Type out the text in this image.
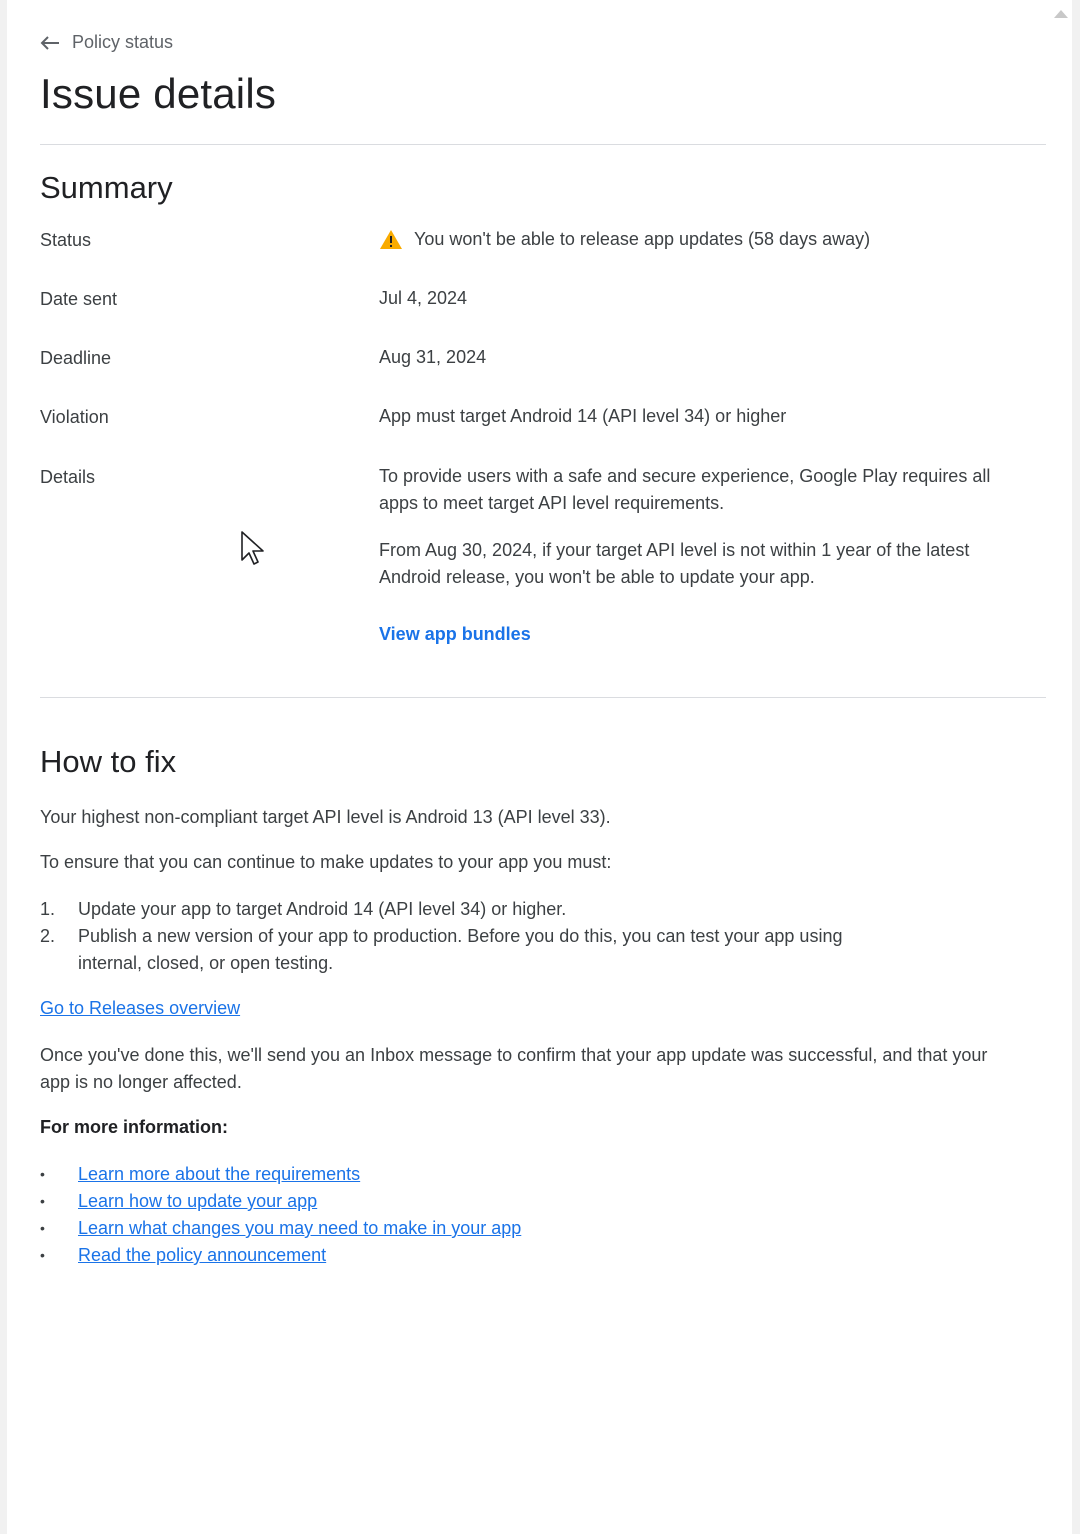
Policy status
Issue details
Summary
Status	You won't be able to release app updates (58 days away)
Date sent	Jul 4, 2024
Deadline	Aug 31, 2024
Violation	App must target Android 14 (API level 34) or higher
Details	To provide users with a safe and secure experience, Google Play requires all apps to meet target API level requirements.
From Aug 30, 2024, if your target API level is not within 1 year of the latest Android release, you won't be able to update your app.
View app bundles
How to fix
Your highest non-compliant target API level is Android 13 (API level 33).
To ensure that you can continue to make updates to your app you must:
1.	Update your app to target Android 14 (API level 34) or higher.
2.	Publish a new version of your app to production. Before you do this, you can test your app using internal, closed, or open testing.
Go to Releases overview
Once you've done this, we'll send you an Inbox message to confirm that your app update was successful, and that your app is no longer affected.
For more information:
•	Learn more about the requirements
•	Learn how to update your app
•	Learn what changes you may need to make in your app
•	Read the policy announcement
